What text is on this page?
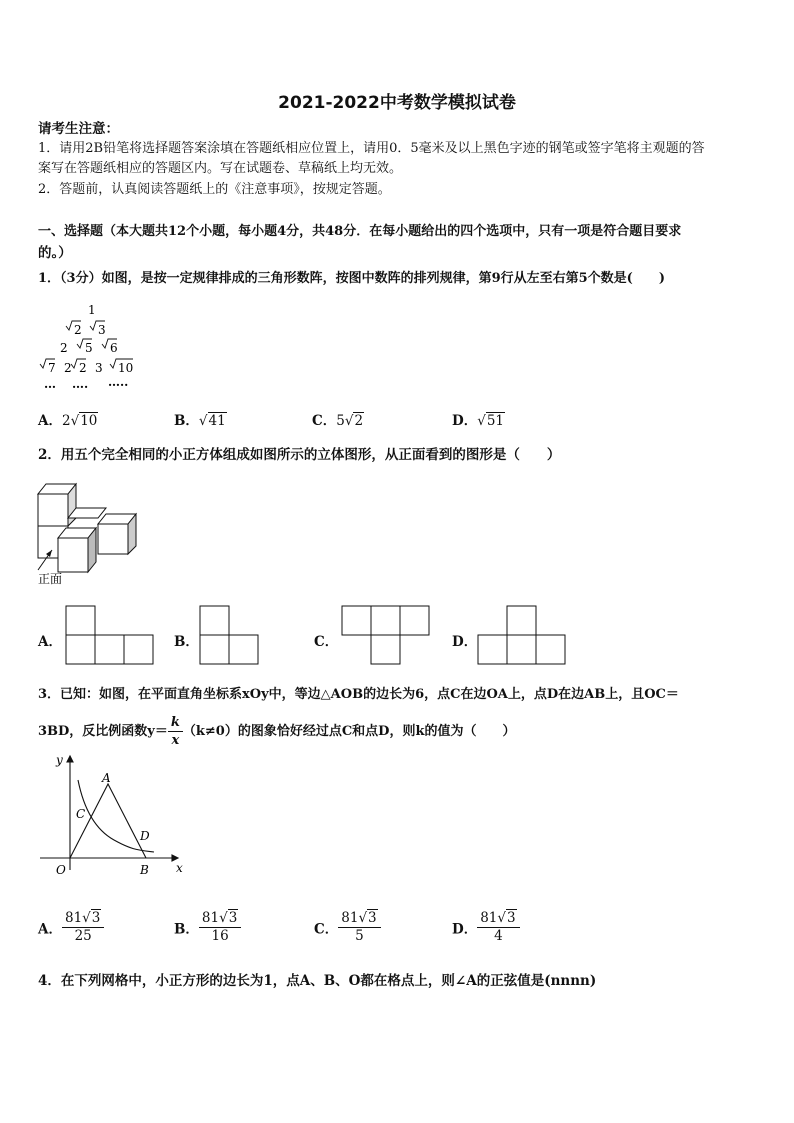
2021-2022中考数学模拟试卷
请考生注意：
1．请用2B铅笔将选择题答案涂填在答题纸相应位置上，请用0．5毫米及以上黑色字迹的钢笔或签字笔将主观题的答
案写在答题纸相应的答题区内。写在试题卷、草稿纸上均无效。
2．答题前，认真阅读答题纸上的《注意事项》，按规定答题。
一、选择题（本大题共12个小题，每小题4分，共48分．在每小题给出的四个选项中，只有一项是符合题目要求
的。）
1．（3分）如图，是按一定规律排成的三角形数阵，按图中数阵的排列规律，第9行从左至右第5个数是(　　)
1
2 3
2 5 6
7 2 2 3 10
… …. …..
A．2√10	B．√41	C．5√2	D．√51
2．用五个完全相同的小正方体组成如图所示的立体图形，从正面看到的图形是（　　）
正面
A．	B．	C．	D．
3．已知：如图，在平面直角坐标系xOy中，等边△AOB的边长为6，点C在边OA上，点D在边AB上，且OC＝
3BD，反比例函数$y= \frac{k}{x} (k\ne 0)$的图象恰好经过点C和点D，则k的值为（　　）
y
x
A
B
C
D
O
A． $\frac{81√3}{25}$	B． $\frac{81√3}{16}$	C． $\frac{81√3}{5}$	D． $\frac{81√3}{4}$
4．在下列网格中，小正方形的边长为1，点A、B、O都在格点上，则∠A的正弦值是(nnnn)
